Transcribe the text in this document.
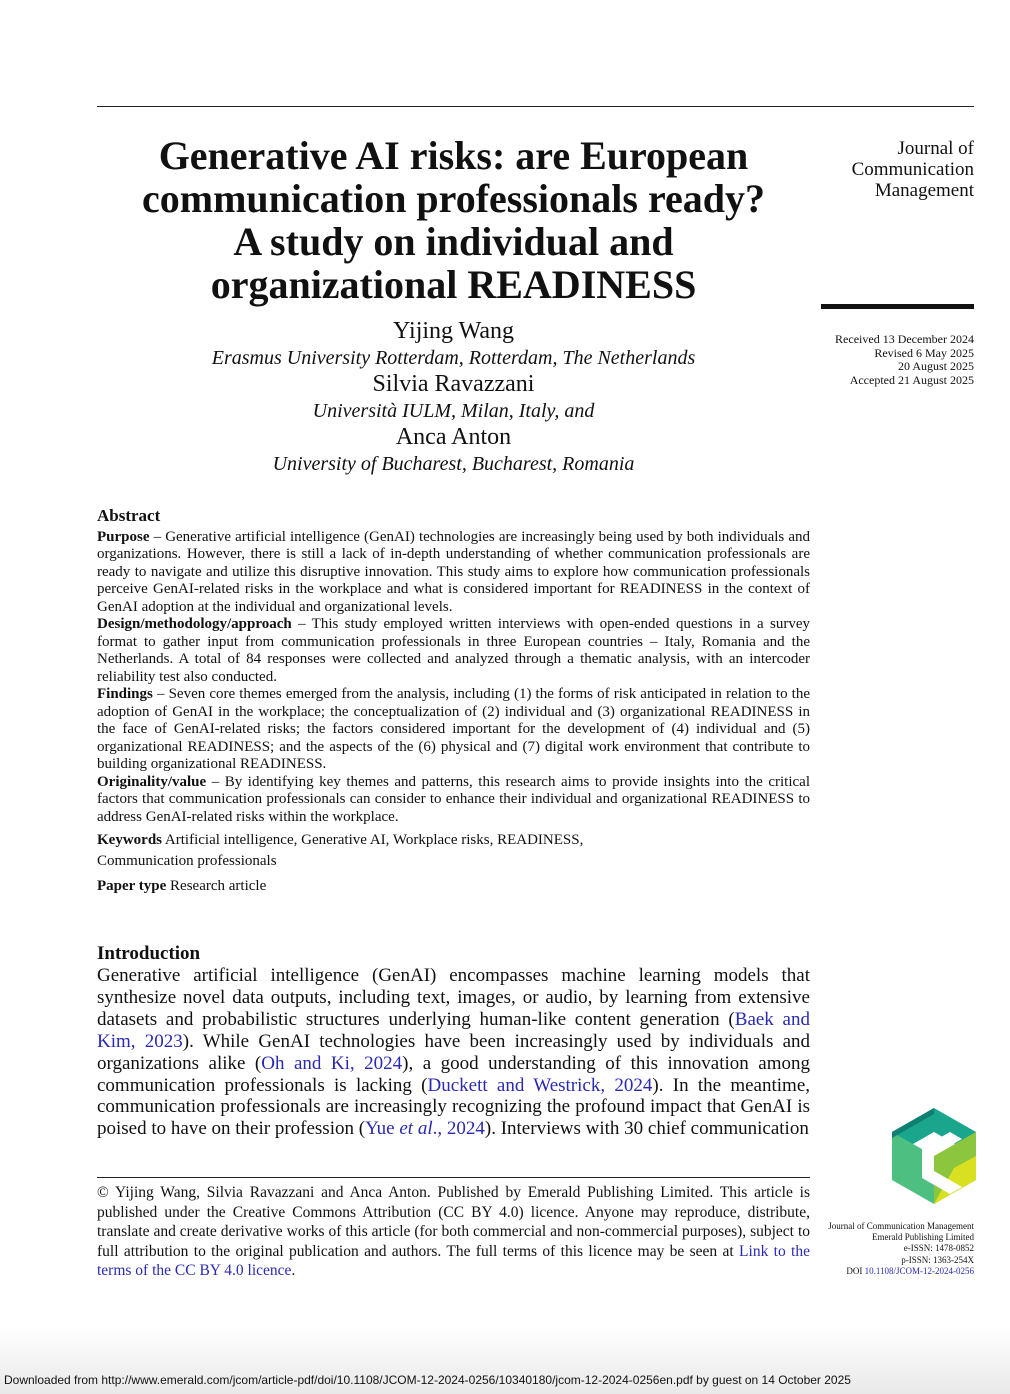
Journal of
Communication
Management
Received 13 December 2024
Revised 6 May 2025
20 August 2025
Accepted 21 August 2025
Generative AI risks: are European
communication professionals ready?
A study on individual and
organizational READINESS
Yijing Wang
Erasmus University Rotterdam, Rotterdam, The Netherlands
Silvia Ravazzani
Università IULM, Milan, Italy, and
Anca Anton
University of Bucharest, Bucharest, Romania
Abstract

Purpose – Generative artificial intelligence (GenAI) technologies are increasingly being used by both individuals and organizations. However, there is still a lack of in-depth understanding of whether communication professionals are ready to navigate and utilize this disruptive innovation. This study aims to explore how communication professionals perceive GenAI-related risks in the workplace and what is considered important for READINESS in the context of GenAI adoption at the individual and organizational levels.

Design/methodology/approach – This study employed written interviews with open-ended questions in a survey format to gather input from communication professionals in three European countries – Italy, Romania and the Netherlands. A total of 84 responses were collected and analyzed through a thematic analysis, with an intercoder reliability test also conducted.

Findings – Seven core themes emerged from the analysis, including (1) the forms of risk anticipated in relation to the adoption of GenAI in the workplace; the conceptualization of (2) individual and (3) organizational READINESS in the face of GenAI-related risks; the factors considered important for the development of (4) individual and (5) organizational READINESS; and the aspects of the (6) physical and (7) digital work environment that contribute to building organizational READINESS.

Originality/value – By identifying key themes and patterns, this research aims to provide insights into the critical factors that communication professionals can consider to enhance their individual and organizational READINESS to address GenAI-related risks within the workplace.

Keywords Artificial intelligence, Generative AI, Workplace risks, READINESS,
Communication professionals

Paper type Research article

Introduction

Generative artificial intelligence (GenAI) encompasses machine learning models that synthesize novel data outputs, including text, images, or audio, by learning from extensive datasets and probabilistic structures underlying human-like content generation (Baek and Kim, 2023). While GenAI technologies have been increasingly used by individuals and organizations alike (Oh and Ki, 2024), a good understanding of this innovation among communication professionals is lacking (Duckett and Westrick, 2024). In the meantime, communication professionals are increasingly recognizing the profound impact that GenAI is poised to have on their profession (Yue et al., 2024). Interviews with 30 chief communication

© Yijing Wang, Silvia Ravazzani and Anca Anton. Published by Emerald Publishing Limited. This article is published under the Creative Commons Attribution (CC BY 4.0) licence. Anyone may reproduce, distribute, translate and create derivative works of this article (for both commercial and non-commercial purposes), subject to full attribution to the original publication and authors. The full terms of this licence may be seen at Link to the terms of the CC BY 4.0 licence.
Journal of Communication Management
Emerald Publishing Limited
e-ISSN: 1478-0852
p-ISSN: 1363-254X
DOI 10.1108/JCOM-12-2024-0256
Downloaded from http://www.emerald.com/jcom/article-pdf/doi/10.1108/JCOM-12-2024-0256/10340180/jcom-12-2024-0256en.pdf by guest on 14 October 2025
